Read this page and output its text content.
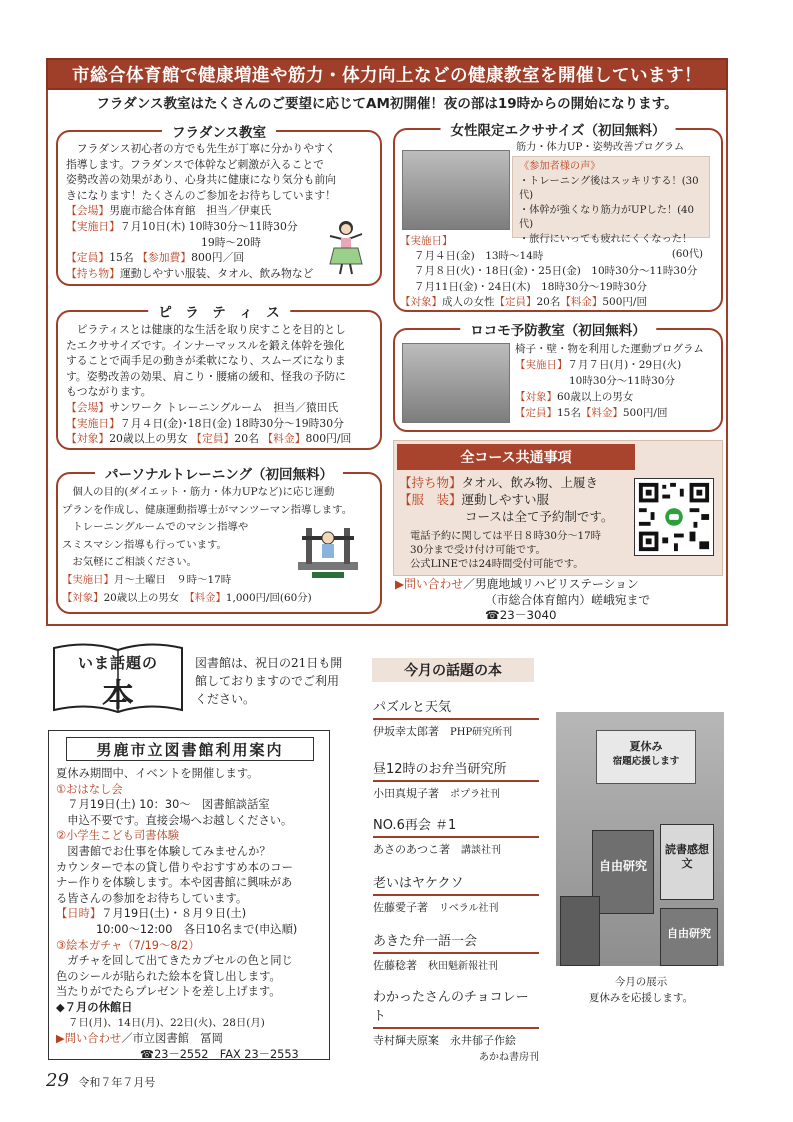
市総合体育館で健康増進や筋力・体力向上などの健康教室を開催しています！
フラダンス教室はたくさんのご要望に応じてAM初開催！夜の部は19時からの開始になります。
フラダンス教室
　フラダンス初心者の方でも先生が丁寧に分かりやすく
指導します。フラダンスで体幹など刺激が入ることで
姿勢改善の効果があり、心身共に健康になり気分も前向
きになります！たくさんのご参加をお待ちしています！
【会場】男鹿市総合体育館　担当／伊東氏
【実施日】７月10日(木) 10時30分～11時30分
19時～20時
【定員】15名 【参加費】800円／回
【持ち物】運動しやすい服装、タオル、飲み物など
ピ　ラ　テ　ィ　ス
　ピラティスとは健康的な生活を取り戻すことを目的とし
たエクササイズです。インナーマッスルを鍛え体幹を強化
することで両手足の動きが柔軟になり、スムーズになりま
す。姿勢改善の効果、肩こり・腰痛の緩和、怪我の予防に
もつながります。
【会場】サンワーク トレーニングルーム　担当／猿田氏
【実施日】７月４日(金)･18日(金) 18時30分～19時30分
【対象】20歳以上の男女 【定員】20名 【料金】800円/回
パーソナルトレーニング（初回無料）
　個人の目的(ダイエット・筋力・体力UPなど)に応じ運動
プランを作成し、健康運動指導士がマンツーマン指導します。
　トレーニングルームでのマシン指導や
スミスマシン指導も行っています。
　お気軽にご相談ください。
【実施日】月～土曜日　９時～17時
【対象】20歳以上の男女　 【料金】1,000円/回(60分)
女性限定エクササイズ（初回無料）
筋力・体力UP・姿勢改善プログラム
《参加者様の声》
・トレーニング後はスッキリする！(30代)
・体幹が強くなり筋力がUPした！(40代)
・旅行にいっても疲れにくくなった！
(60代)
【実施日】
７月４日(金)　13時～14時
７月８日(火)・18日(金)・25日(金)　10時30分～11時30分
７月11日(金)・24日(木)　18時30分～19時30分
【対象】成人の女性【定員】20名【料金】500円/回
ロコモ予防教室（初回無料）
椅子・壁・物を利用した運動プログラム
【実施日】７月７日(月)・29日(火)
10時30分～11時30分
【対象】60歳以上の男女
【定員】15名【料金】500円/回
全コース共通事項
【持ち物】タオル、飲み物、上履き
【服　装】運動しやすい服
コースは全て予約制です。
電話予約に関しては平日８時30分～17時
30分まで受け付け可能です。
公式LINEでは24時間受付可能です。
▶問い合わせ／男鹿地域リハビリステーション
（市総合体育館内）嵯峨宛まで
☎23－3040
いま話題の
本
図書館は、祝日の21日も開
館しておりますのでご利用
ください。
男鹿市立図書館利用案内
夏休み期間中、イベントを開催します。
①おはなし会
　７月19日(土) 10：30～　図書館談話室
　申込不要です。直接会場へお越しください。
②小学生こども司書体験
　図書館でお仕事を体験してみませんか？
カウンターで本の貸し借りやおすすめ本のコー
ナー作りを体験します。本や図書館に興味があ
る皆さんの参加をお待ちしています。
【日時】７月19日(土)・８月９日(土)
10:00～12:00　各日10名まで(申込順)
③絵本ガチャ（7/19～8/2）
　ガチャを回して出てきたカプセルの色と同じ
色のシールが貼られた絵本を貸し出します。
当たりがでたらプレゼントを差し上げます。
◆７月の休館日
７日(月)、14日(月)、22日(火)、28日(月)
▶問い合わせ／市立図書館　冨岡
☎23－2552　FAX 23－2553
今月の話題の本
パズルと天気
伊坂幸太郎著　 PHP研究所刊
昼12時のお弁当研究所
小田真規子著　 ポプラ社刊
NO.6再会 ＃1
あさのあつこ著　 講談社刊
老いはヤケクソ
佐藤愛子著　 リベラル社刊
あきた弁一語一会
佐藤稔著　 秋田魁新報社刊
わかったさんのチョコレート
寺村輝夫原案　永井郁子作絵
あかね書房刊
夏休み
宿題応援します
自由研究
読書感想文
自由研究
今月の展示
夏休みを応援します。
29 令和７年７月号
